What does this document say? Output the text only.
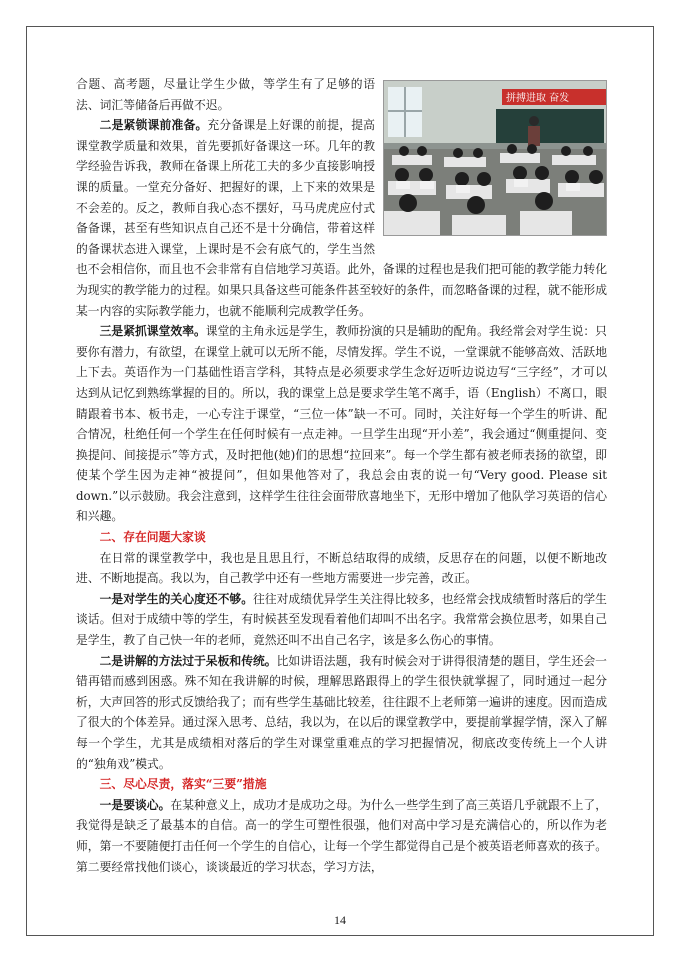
拼搏进取 奋发

合题、高考题，尽量让学生少做，等学生有了足够的语法、词汇等储备后再做不迟。

二是紧锁课前准备。充分备课是上好课的前提，提高课堂教学质量和效果，首先要抓好备课这一环。几年的教学经验告诉我，教师在备课上所花工夫的多少直接影响授课的质量。一堂充分备好、把握好的课，上下来的效果是不会差的。反之，教师自我心态不摆好，马马虎虎应付式备备课，甚至有些知识点自己还不是十分确信，带着这样的备课状态进入课堂，上课时是不会有底气的，学生当然也不会相信你，而且也不会非常有自信地学习英语。此外，备课的过程也是我们把可能的教学能力转化为现实的教学能力的过程。如果只具备这些可能条件甚至较好的条件，而忽略备课的过程，就不能形成某一内容的实际教学能力，也就不能顺利完成教学任务。

三是紧抓课堂效率。课堂的主角永远是学生，教师扮演的只是辅助的配角。我经常会对学生说：只要你有潜力，有欲望，在课堂上就可以无所不能，尽情发挥。学生不说，一堂课就不能够高效、活跃地上下去。英语作为一门基础性语言学科，其特点是必须要求学生念好迈听边说边写“三字经”，才可以达到从记忆到熟练掌握的目的。所以，我的课堂上总是要求学生笔不离手，语（English）不离口，眼睛跟着书本、板书走，一心专注于课堂，“三位一体”缺一不可。同时，关注好每一个学生的听讲、配合情况，杜绝任何一个学生在任何时候有一点走神。一旦学生出现“开小差”，我会通过“侧重提问、变换提问、间接提示”等方式，及时把他(她)们的思想“拉回来”。每一个学生都有被老师表扬的欲望，即使某个学生因为走神“被提问”，但如果他答对了，我总会由衷的说一句“Very good. Please sit down.”以示鼓励。我会注意到，这样学生往往会面带欣喜地坐下，无形中增加了他队学习英语的信心和兴趣。

二、存在问题大家谈

在日常的课堂教学中，我也是且思且行，不断总结取得的成绩，反思存在的问题，以便不断地改进、不断地提高。我以为，自己教学中还有一些地方需要进一步完善，改正。

一是对学生的关心度还不够。往往对成绩优异学生关注得比较多，也经常会找成绩暂时落后的学生谈话。但对于成绩中等的学生，有时候甚至发现看着他们却叫不出名字。我常常会换位思考，如果自己是学生，教了自己快一年的老师，竟然还叫不出自己名字，该是多么伤心的事情。

二是讲解的方法过于呆板和传统。比如讲语法题，我有时候会对于讲得很清楚的题目，学生还会一错再错而感到困惑。殊不知在我讲解的时候，理解思路跟得上的学生很快就掌握了，同时通过一起分析，大声回答的形式反馈给我了；而有些学生基础比较差，往往跟不上老师第一遍讲的速度。因而造成了很大的个体差异。通过深入思考、总结，我以为，在以后的课堂教学中，要提前掌握学情，深入了解每一个学生，尤其是成绩相对落后的学生对课堂重难点的学习把握情况，彻底改变传统上一个人讲的“独角戏”模式。

三、尽心尽责，落实“三要”措施

一是要谈心。在某种意义上，成功才是成功之母。为什么一些学生到了高三英语几乎就跟不上了，我觉得是缺乏了最基本的自信。高一的学生可塑性很强，他们对高中学习是充满信心的，所以作为老师，第一不要随便打击任何一个学生的自信心，让每一个学生都觉得自己是个被英语老师喜欢的孩子。第二要经常找他们谈心，谈谈最近的学习状态，学习方法，

14
